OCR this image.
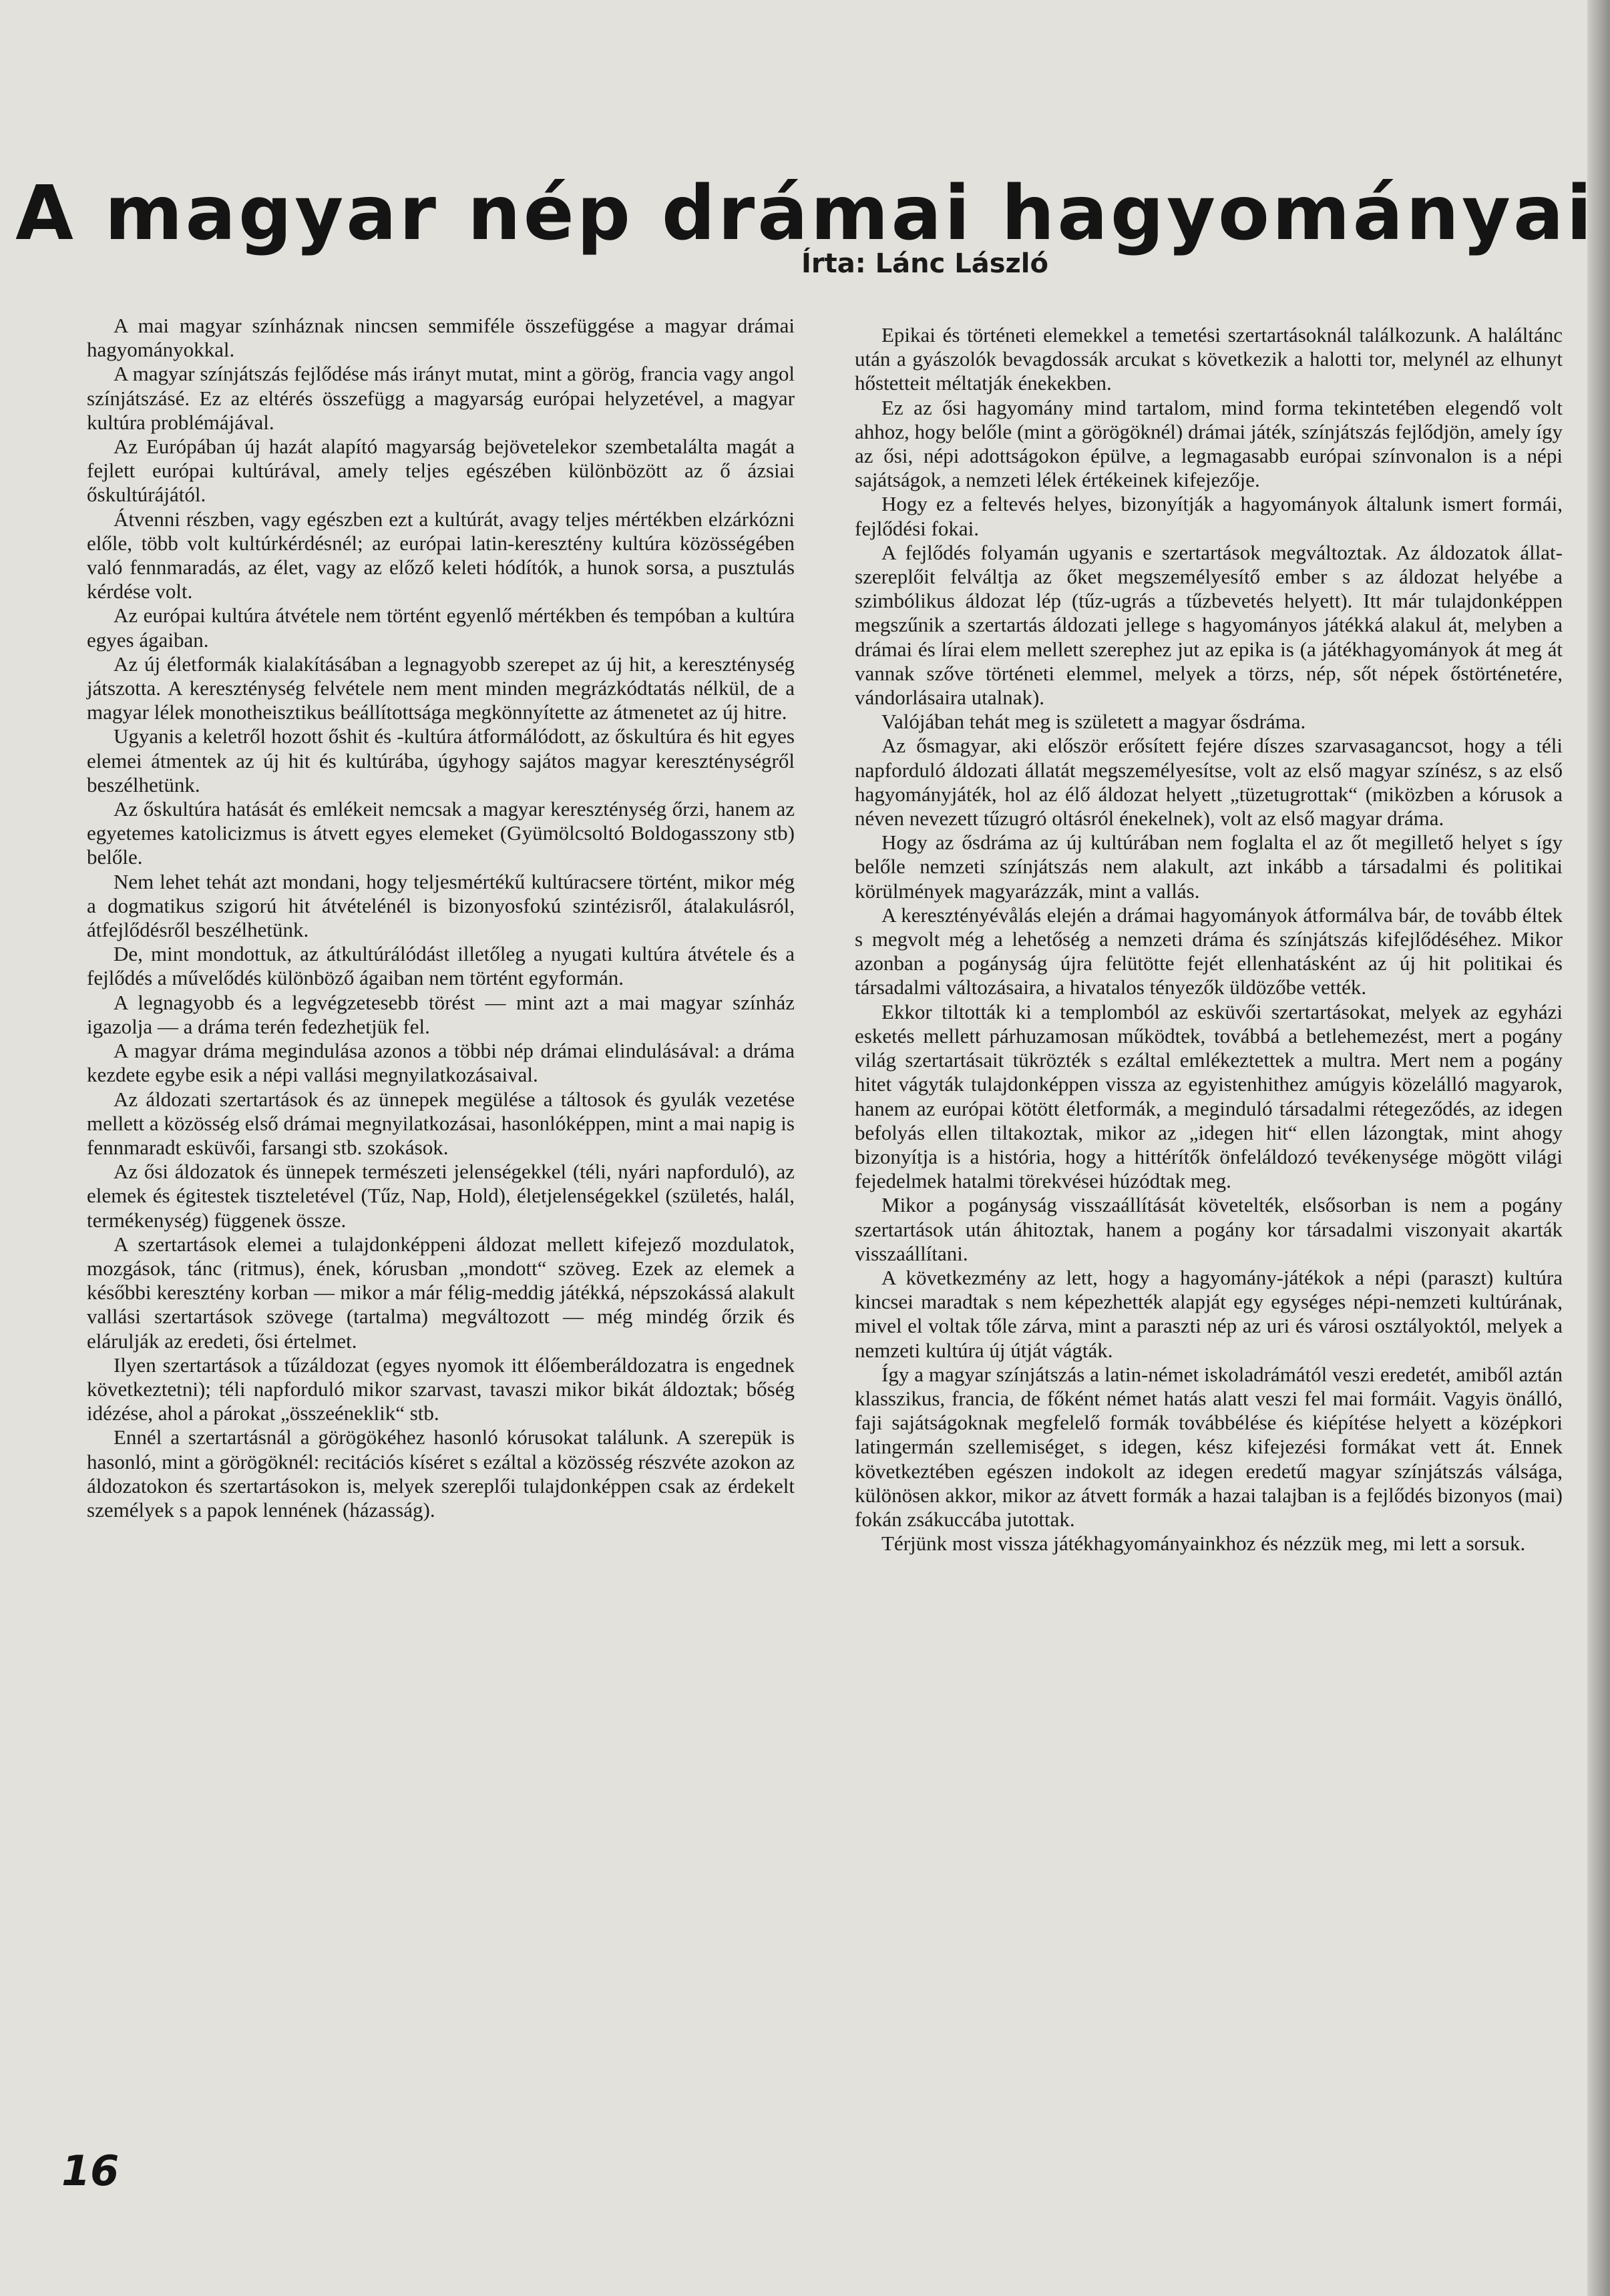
A magyar nép drámai hagyományai
Írta: Lánc László

A mai magyar színháznak nincsen semmiféle összefüggése a magyar drámai hagyományokkal.

A magyar színjátszás fejlődése más irányt mutat, mint a görög, francia vagy angol színjátszásé. Ez az eltérés összefügg a magyarság európai helyzetével, a magyar kultúra problémájával.

Az Európában új hazát alapító magyarság bejövetelekor szembetalálta magát a fejlett európai kultúrával, amely teljes egészében különbözött az ő ázsiai őskultúrájától.

Átvenni részben, vagy egészben ezt a kultúrát, avagy teljes mértékben elzárkózni előle, több volt kultúrkérdésnél; az európai latin-keresztény kultúra közösségében való fennmaradás, az élet, vagy az előző keleti hódítók, a hunok sorsa, a pusztulás kérdése volt.

Az európai kultúra átvétele nem történt egyenlő mértékben és tempóban a kultúra egyes ágaiban.

Az új életformák kialakításában a legnagyobb szerepet az új hit, a kereszténység játszotta. A kereszténység felvétele nem ment minden megrázkódtatás nélkül, de a magyar lélek monotheisztikus beállítottsága megkönnyítette az átmenetet az új hitre.

Ugyanis a keletről hozott őshit és -kultúra átformálódott, az őskultúra és hit egyes elemei átmentek az új hit és kultúrába, úgyhogy sajátos magyar kereszténységről beszélhetünk.

Az őskultúra hatását és emlékeit nemcsak a magyar kereszténység őrzi, hanem az egyetemes katolicizmus is átvett egyes elemeket (Gyümölcsoltó Boldogasszony stb) belőle.

Nem lehet tehát azt mondani, hogy teljesmértékű kultúracsere történt, mikor még a dogmatikus szigorú hit átvételénél is bizonyosfokú szintézisről, átalakulásról, átfejlődésről beszélhetünk.

De, mint mondottuk, az átkultúrálódást illetőleg a nyugati kultúra átvétele és a fejlődés a művelődés különböző ágaiban nem történt egyformán.

A legnagyobb és a legvégzetesebb törést — mint azt a mai magyar színház igazolja — a dráma terén fedezhetjük fel.

A magyar dráma megindulása azonos a többi nép drámai elindulásával: a dráma kezdete egybe esik a népi vallási megnyilatkozásaival.

Az áldozati szertartások és az ünnepek megülése a táltosok és gyulák vezetése mellett a közösség első drámai megnyilatkozásai, hasonlóképpen, mint a mai napig is fennmaradt esküvői, farsangi stb. szokások.

Az ősi áldozatok és ünnepek természeti jelenségekkel (téli, nyári napforduló), az elemek és égitestek tiszteletével (Tűz, Nap, Hold), életjelenségekkel (születés, halál, termékenység) függenek össze.

A szertartások elemei a tulajdonképpeni áldozat mellett kifejező mozdulatok, mozgások, tánc (ritmus), ének, kórusban „mondott“ szöveg. Ezek az elemek a későbbi keresztény korban — mikor a már félig-meddig játékká, népszokássá alakult vallási szertartások szövege (tartalma) megváltozott — még mindég őrzik és elárulják az eredeti, ősi értelmet.

Ilyen szertartások a tűzáldozat (egyes nyomok itt élőemberáldozatra is engednek következtetni); téli napforduló mikor szarvast, tavaszi mikor bikát áldoztak; bőség idézése, ahol a párokat „összeéneklik“ stb.

Ennél a szertartásnál a görögökéhez hasonló kórusokat találunk. A szerepük is hasonló, mint a görögöknél: recitációs kíséret s ezáltal a közösség részvéte azokon az áldozatokon és szertartásokon is, melyek szereplői tulajdonképpen csak az érdekelt személyek s a papok lennének (házasság).

Epikai és történeti elemekkel a temetési szertartásoknál találkozunk. A haláltánc után a gyászolók bevagdossák arcukat s következik a halotti tor, melynél az elhunyt hőstetteit méltatják énekekben.

Ez az ősi hagyomány mind tartalom, mind forma tekintetében elegendő volt ahhoz, hogy belőle (mint a görögöknél) drámai játék, színjátszás fejlődjön, amely így az ősi, népi adottságokon épülve, a legmagasabb európai színvonalon is a népi sajátságok, a nemzeti lélek értékeinek kifejezője.

Hogy ez a feltevés helyes, bizonyítják a hagyományok általunk ismert formái, fejlődési fokai.

A fejlődés folyamán ugyanis e szertartások megváltoztak. Az áldozatok állat-szereplőit felváltja az őket megszemélyesítő ember s az áldozat helyébe a szimbólikus áldozat lép (tűz-ugrás a tűzbevetés helyett). Itt már tulajdonképpen megszűnik a szertartás áldozati jellege s hagyományos játékká alakul át, melyben a drámai és lírai elem mellett szerephez jut az epika is (a játékhagyományok át meg át vannak szőve történeti elemmel, melyek a törzs, nép, sőt népek őstörténetére, vándorlásaira utalnak).

Valójában tehát meg is született a magyar ősdráma.

Az ősmagyar, aki először erősített fejére díszes szarvasagancsot, hogy a téli napforduló áldozati állatát megszemélyesítse, volt az első magyar színész, s az első hagyományjáték, hol az élő áldozat helyett „tüzetugrottak“ (miközben a kórusok a néven nevezett tűzugró oltásról énekelnek), volt az első magyar dráma.

Hogy az ősdráma az új kultúrában nem foglalta el az őt megillető helyet s így belőle nemzeti színjátszás nem alakult, azt inkább a társadalmi és politikai körülmények magyarázzák, mint a vallás.

A keresztényévålás elején a drámai hagyományok átformálva bár, de tovább éltek s megvolt még a lehetőség a nemzeti dráma és színjátszás kifejlődéséhez. Mikor azonban a pogányság újra felütötte fejét ellenhatásként az új hit politikai és társadalmi változásaira, a hivatalos tényezők üldözőbe vették.

Ekkor tiltották ki a templomból az esküvői szertartásokat, melyek az egyházi esketés mellett párhuzamosan működtek, továbbá a betlehemezést, mert a pogány világ szertartásait tükrözték s ezáltal emlékeztettek a multra. Mert nem a pogány hitet vágyták tulajdonképpen vissza az egyistenhithez amúgyis közelálló magyarok, hanem az európai kötött életformák, a meginduló társadalmi rétegeződés, az idegen befolyás ellen tiltakoztak, mikor az „idegen hit“ ellen lázongtak, mint ahogy bizonyítja is a história, hogy a hittérítők önfeláldozó tevékenysége mögött világi fejedelmek hatalmi törekvései húzódtak meg.

Mikor a pogányság visszaállítását követelték, elsősorban is nem a pogány szertartások után áhitoztak, hanem a pogány kor társadalmi viszonyait akarták visszaállítani.

A következmény az lett, hogy a hagyomány-játékok a népi (paraszt) kultúra kincsei maradtak s nem képezhették alapját egy egységes népi-nemzeti kultúrának, mivel el voltak tőle zárva, mint a paraszti nép az uri és városi osztályoktól, melyek a nemzeti kultúra új útját vágták.

Így a magyar színjátszás a latin-német iskoladrámától veszi eredetét, amiből aztán klasszikus, francia, de főként német hatás alatt veszi fel mai formáit. Vagyis önálló, faji sajátságoknak megfelelő formák továbbélése és kiépítése helyett a középkori latingermán szellemiséget, s idegen, kész kifejezési formákat vett át. Ennek következtében egészen indokolt az idegen eredetű magyar színjátszás válsága, különösen akkor, mikor az átvett formák a hazai talajban is a fejlődés bizonyos (mai) fokán zsákuccába jutottak.

Térjünk most vissza játékhagyományainkhoz és nézzük meg, mi lett a sorsuk.

16
